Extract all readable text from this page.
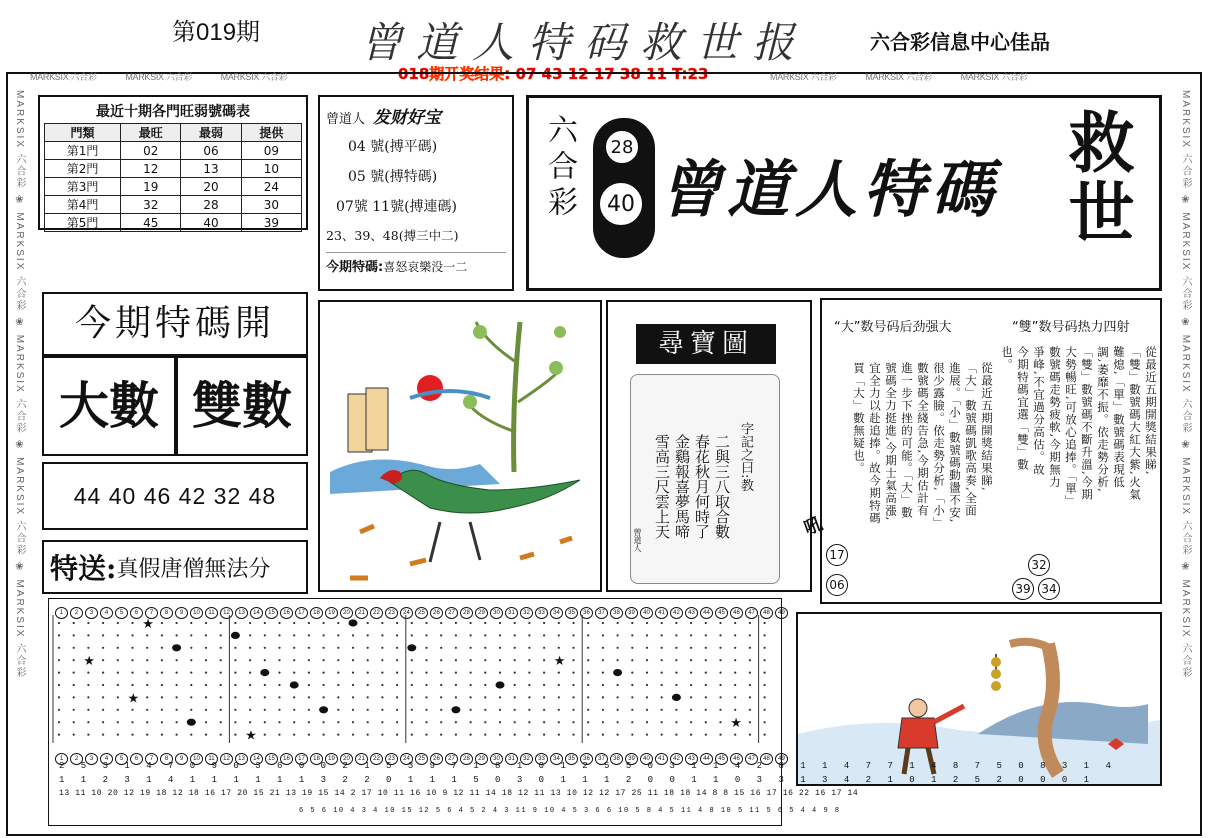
第019期 曾道人特码救世报	六合彩信息中心佳品
018期开奖结果: 07 43 12 17 38 11 T:23
MARKSIX 六合彩	MARKSIX 六合彩	MARKSIX 六合彩	MARKSIX 六合彩	MARKSIX 六合彩	MARKSIX 六合彩
MARKSIX 六合彩 ❀ MARKSIX 六合彩 ❀ MARKSIX 六合彩 ❀ MARKSIX 六合彩 ❀ MARKSIX 六合彩
MARKSIX 六合彩 ❀ MARKSIX 六合彩 ❀ MARKSIX 六合彩 ❀ MARKSIX 六合彩 ❀ MARKSIX 六合彩
最近十期各門旺弱號碼表
門類	最旺	最弱	提供
第1門	02	06	09
第2門	12	13	10
第3門	19	20	24
第4門	32	28	30
第5門	45	40	39
曾道人 发财好宝
04 號(搏平碼)
05 號(搏特碼)
07號 11號(搏連碼)
23、39、48(搏三中二)
今期特碼:喜怒哀樂没一二
六合彩	28
40 曾道人特碼 救世
今期特碼開
大數 雙數
44 40 46 42 32 48
特送: 真假唐僧無法分
尋寶圖
字記之曰:教
二與三八取合數
春花秋月何時了
金鷄報喜夢馬啼
雪高三尺雲上天
曾道人
“大”数号码后劲强大	“雙”数号码热力四射
從最近五期開獎結果睇,
「雙」數號碼大紅大紫,火氣
難熄,「單」數號碼表現低
調,萎靡不振。依走勢分析,
「雙」數號碼不斷升溫,今期
大勢暢旺,可放心追捧。「單」
數號碼走勢疲軟,今期無力
爭峰,不宜過分高估。故
今期特碼宜選「雙」數
也。
從最近五期開獎結果睇,
「大」數號碼凱歌高奏,全面
進展。「小」數號碼動盪不安,
很少露臉。依走勢分析,「小」
數號碼全綫告急,今期估計有
進一步下挫的可能。「大」數
號碼全力挺進,今期士氣高漲,
宜全力以赴追捧。故今期特碼
買「大」數無疑也。
17
06
32
39 34
吼
1 2 3 4 5 6 7 8 9 10 11 12 13 14 15 16 17 18 19 20 21 22 23 24 25 26 27 28 29 30 31 32 33 34 35 36 37 38 39 40 41 42 43 44 45 46 47 48 49
★
★
★
★
★
★
1 2 3 4 5 6 7 8 9 10 11 12 13 14 15 16 17 18 19 20 21 22 23 24 25 26 27 28 29 30 31 32 33 34 35 36 37 38 39 40 41 42 43 44 45 46 47 48 49
2 5 3 1 4 7 0 9 0 3 6 0 0 2 1 5 3 9 7 1 8 1 0 1 2 5 5 0 3 1 1 4 2 8 1 1 4 7 7 1 4 8 7 5 0 8 3 1 4
1 1 2 3 1 4 1 1 1 1 1 1 3 2 2 0 1 1 1 5 0 3 0 1 1 1 2 0 0 1 1 0 3 3 1 3 4 2 1 0 1 2 5 2 0 0 0 1
13 11 10 20 12 19 18 12 18 16 17 20 15 21 13 19 15 14 2 17 10 11 16 10 9 12 11 14 18 12 11 13 10 12 12 17 25 11 18 18 14 8 8 15 16 17 16 22 16 17 14
6 5 6 10 4 3 4 10 15 12 5 6 4 5 2 4 3 11 9 10 4 5 3 6 6 10 5 8 4 5 11 4 8 10 5 11 5 6 5 4 4 9 8
